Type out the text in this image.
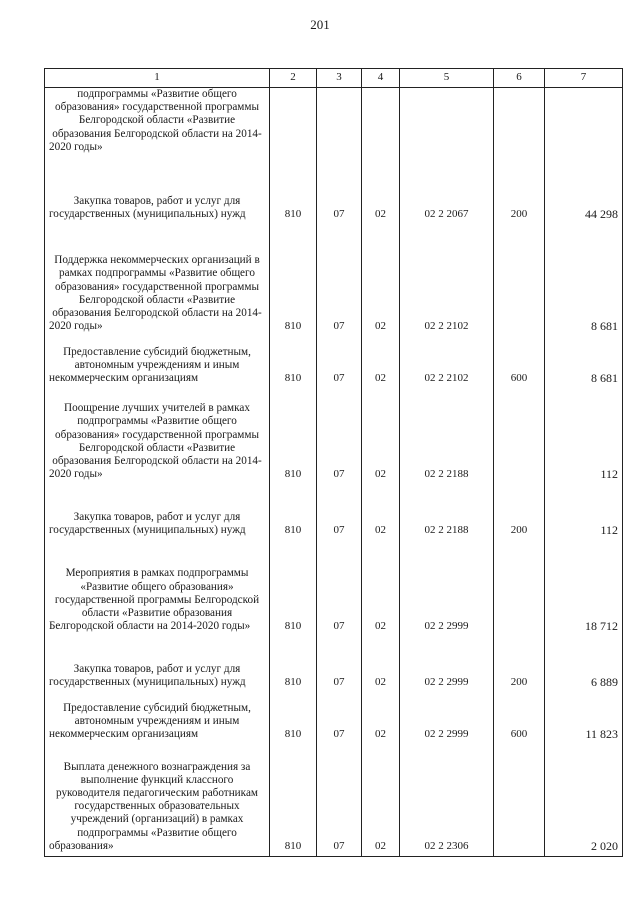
201
1	2	3	4	5	6	7
подпрограммы «Развитие общего образования» государственной программы Белгородской области «Развитие образования Белгородской области на 2014-2020 годы»						
Закупка товаров, работ и услуг для государственных (муниципальных) нужд	810	07	02	02 2 2067	200	44 298
Поддержка некоммерческих организаций в рамках подпрограммы «Развитие общего образования» государственной программы Белгородской области «Развитие образования Белгородской области на 2014-2020 годы»	810	07	02	02 2 2102		8 681
Предоставление субсидий бюджетным, автономным учреждениям и иным некоммерческим организациям	810	07	02	02 2 2102	600	8 681
Поощрение лучших учителей в рамках подпрограммы «Развитие общего образования» государственной программы Белгородской области «Развитие образования Белгородской области на 2014-2020 годы»	810	07	02	02 2 2188		112
Закупка товаров, работ и услуг для государственных (муниципальных) нужд	810	07	02	02 2 2188	200	112
Мероприятия в рамках подпрограммы «Развитие общего образования» государственной программы Белгородской области «Развитие образования Белгородской области на 2014-2020 годы»	810	07	02	02 2 2999		18 712
Закупка товаров, работ и услуг для государственных (муниципальных) нужд	810	07	02	02 2 2999	200	6 889
Предоставление субсидий бюджетным, автономным учреждениям и иным некоммерческим организациям	810	07	02	02 2 2999	600	11 823
Выплата денежного вознаграждения за выполнение функций классного руководителя педагогическим работникам государственных образовательных учреждений (организаций) в рамках подпрограммы «Развитие общего образования»	810	07	02	02 2 2306		2 020
